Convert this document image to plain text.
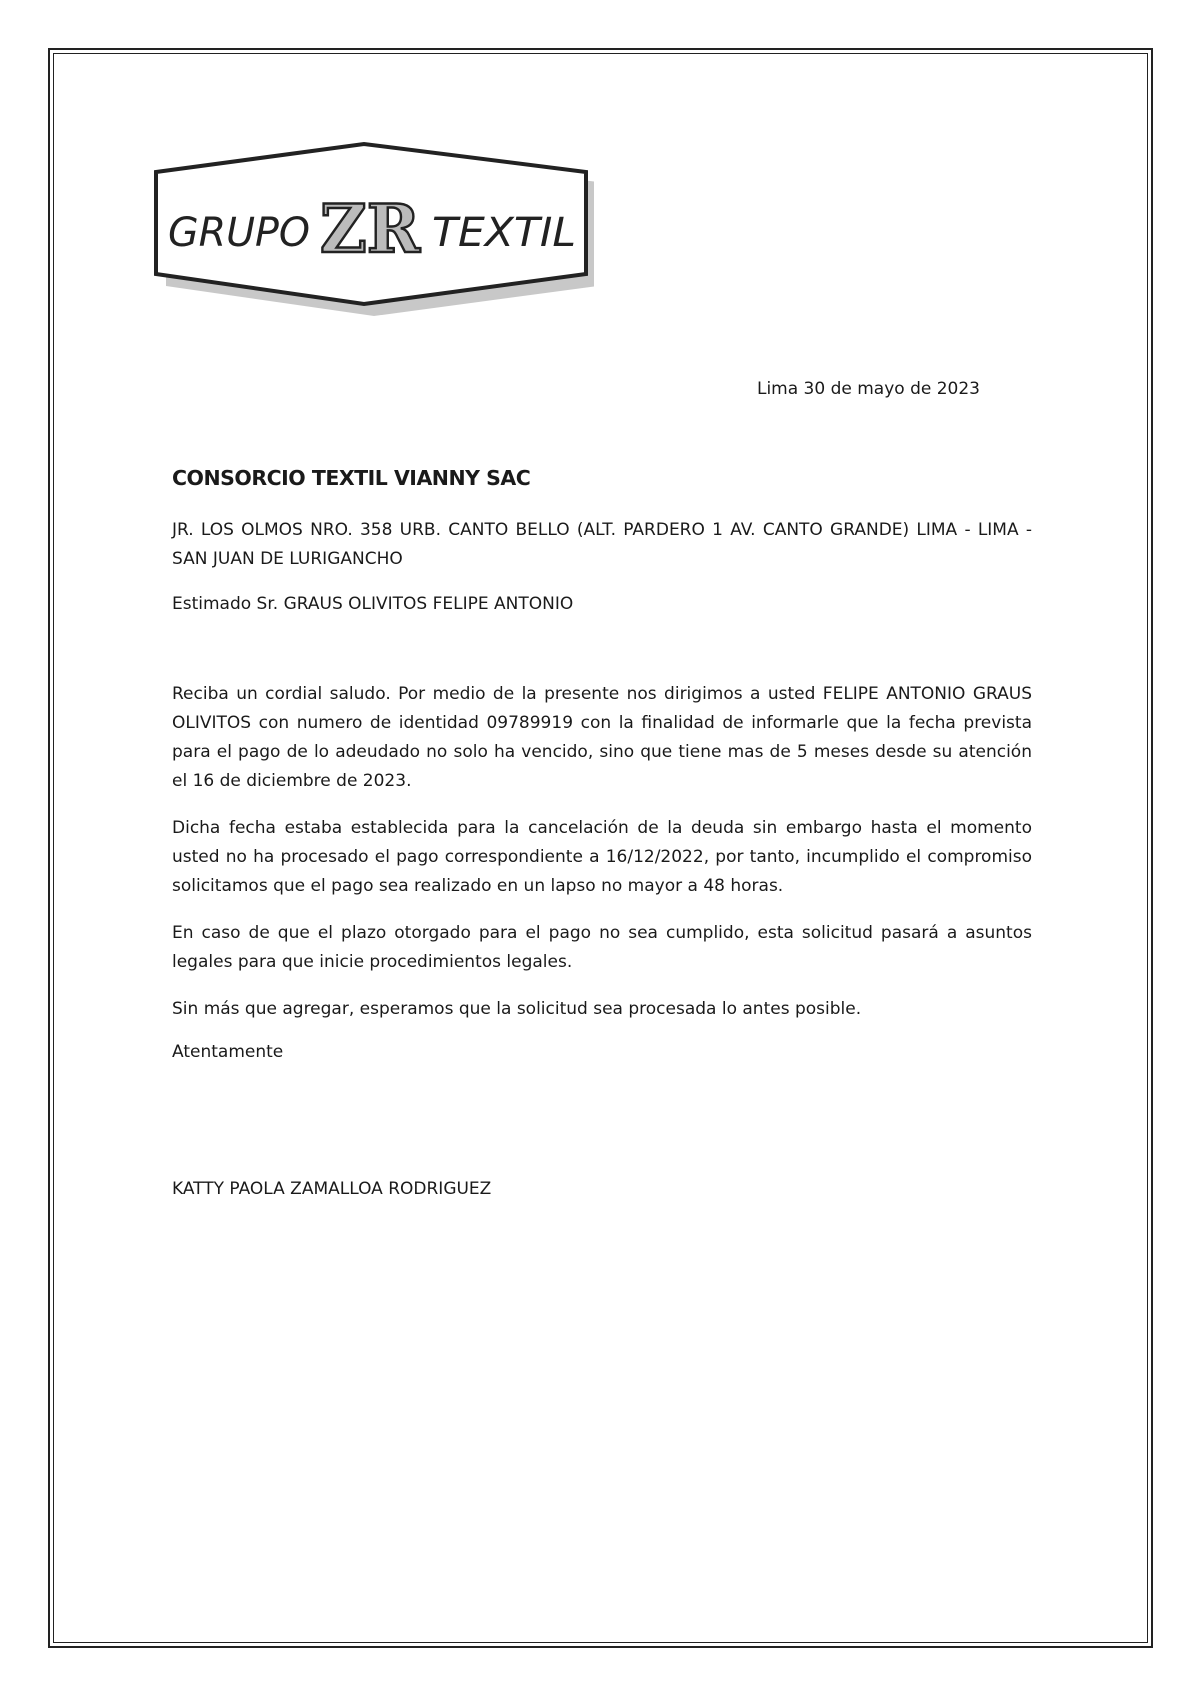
GRUPO ZR TEXTIL
Lima 30 de mayo de 2023
CONSORCIO TEXTIL VIANNY SAC
JR. LOS OLMOS NRO. 358 URB. CANTO BELLO (ALT. PARDERO 1 AV. CANTO GRANDE) LIMA - LIMA - SAN JUAN DE LURIGANCHO
Estimado Sr. GRAUS OLIVITOS FELIPE ANTONIO

Reciba un cordial saludo. Por medio de la presente nos dirigimos a usted FELIPE ANTONIO GRAUS OLIVITOS con numero de identidad 09789919 con la finalidad de informarle que la fecha prevista para el pago de lo adeudado no solo ha vencido, sino que tiene mas de 5 meses desde su atención el 16 de diciembre de 2023.

Dicha fecha estaba establecida para la cancelación de la deuda sin embargo hasta el momento usted no ha procesado el pago correspondiente a 16/12/2022, por tanto, incumplido el compromiso solicitamos que el pago sea realizado en un lapso no mayor a 48 horas.

En caso de que el plazo otorgado para el pago no sea cumplido, esta solicitud pasará a asuntos legales para que inicie procedimientos legales.

Sin más que agregar, esperamos que la solicitud sea procesada lo antes posible.

Atentamente
KATTY PAOLA ZAMALLOA RODRIGUEZ
